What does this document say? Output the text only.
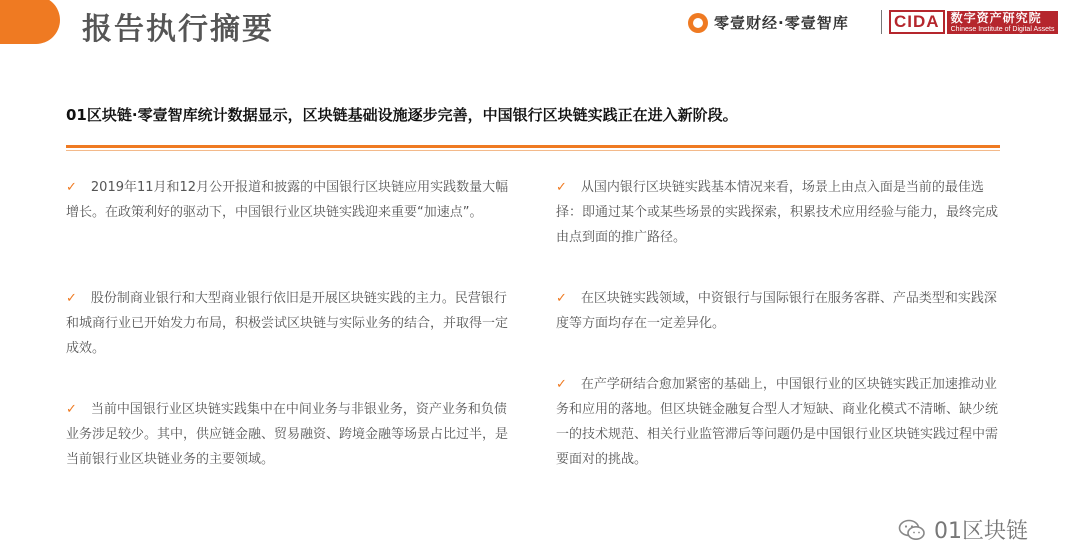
报告执行摘要	零壹财经·零壹智库	CIDA 数字资产研究院
Chinese Institute of Digital Assets
01区块链·零壹智库统计数据显示，区块链基础设施逐步完善，中国银行区块链实践正在进入新阶段。
✓ 2019年11月和12月公开报道和披露的中国银行区块链应用实践数量大幅增长。在政策利好的驱动下，中国银行业区块链实践迎来重要“加速点”。
✓ 股份制商业银行和大型商业银行依旧是开展区块链实践的主力。民营银行和城商行业已开始发力布局，积极尝试区块链与实际业务的结合，并取得一定成效。
✓ 当前中国银行业区块链实践集中在中间业务与非银业务，资产业务和负债业务涉足较少。其中，供应链金融、贸易融资、跨境金融等场景占比过半，是当前银行业区块链业务的主要领域。
✓ 从国内银行区块链实践基本情况来看，场景上由点入面是当前的最佳选择：即通过某个或某些场景的实践探索，积累技术应用经验与能力，最终完成由点到面的推广路径。
✓ 在区块链实践领域，中资银行与国际银行在服务客群、产品类型和实践深度等方面均存在一定差异化。
✓ 在产学研结合愈加紧密的基础上，中国银行业的区块链实践正加速推动业务和应用的落地。但区块链金融复合型人才短缺、商业化模式不清晰、缺少统一的技术规范、相关行业监管滞后等问题仍是中国银行业区块链实践过程中需要面对的挑战。
01区块链
